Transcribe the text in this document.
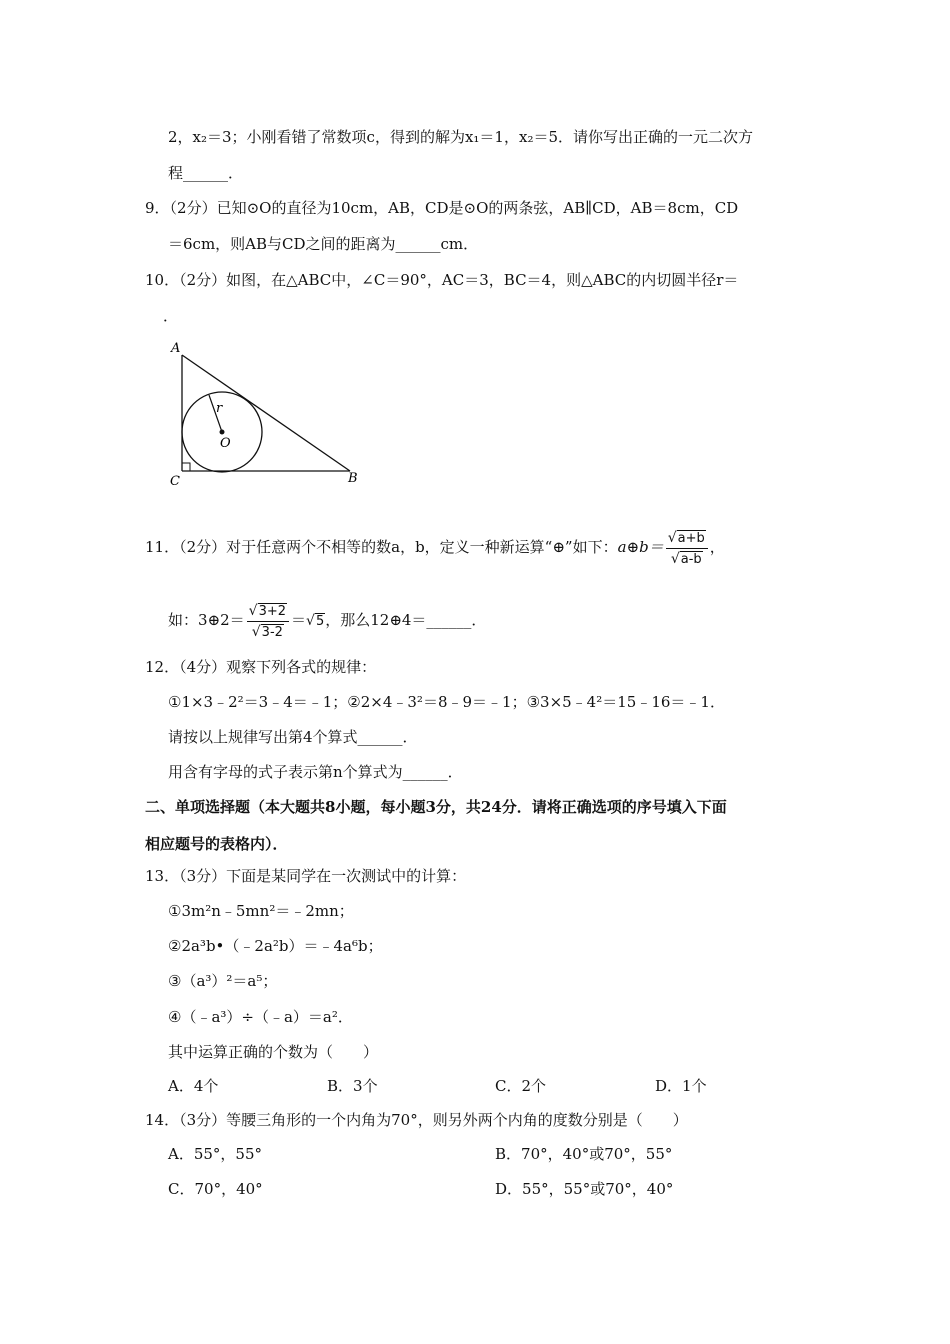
2，x₂＝3；小刚看错了常数项c，得到的解为x₁＝1，x₂＝5．请你写出正确的一元二次方
程______．
9．（2分）已知⊙O的直径为10cm，AB，CD是⊙O的两条弦，AB∥CD，AB＝8cm，CD
＝6cm，则AB与CD之间的距离为______cm．
10．（2分）如图，在△ABC中，∠C＝90°，AC＝3，BC＝4，则△ABC的内切圆半径r＝
．
A
C	B
O
r
11．（2分）对于任意两个不相等的数a，b，定义一种新运算“⊕”如下：a⊕b＝ $\frac{√a+b}{√a-b}$ ，
如：3⊕2＝ $\frac{√3+2}{√3-2} =√5$，那么12⊕4＝______．
12．（4分）观察下列各式的规律：
①1×3﹣2²＝3﹣4＝﹣1；②2×4﹣3²＝8﹣9＝﹣1；③3×5﹣4²＝15﹣16＝﹣1．
请按以上规律写出第4个算式______．
用含有字母的式子表示第n个算式为______．
二、单项选择题（本大题共8小题，每小题3分，共24分．请将正确选项的序号填入下面
相应题号的表格内）．
13．（3分）下面是某同学在一次测试中的计算：
①3m²n﹣5mn²＝﹣2mn；
②2a³b•（﹣2a²b）＝﹣4a⁶b；
③（a³）²＝a⁵；
④（﹣a³）÷（﹣a）＝a²．
其中运算正确的个数为（　　）
A．4个	B．3个	C．2个	D．1个
14．（3分）等腰三角形的一个内角为70°，则另外两个内角的度数分别是（　　）
A．55°，55°	B．70°，40°或70°，55°
C．70°，40°	D．55°，55°或70°，40°
